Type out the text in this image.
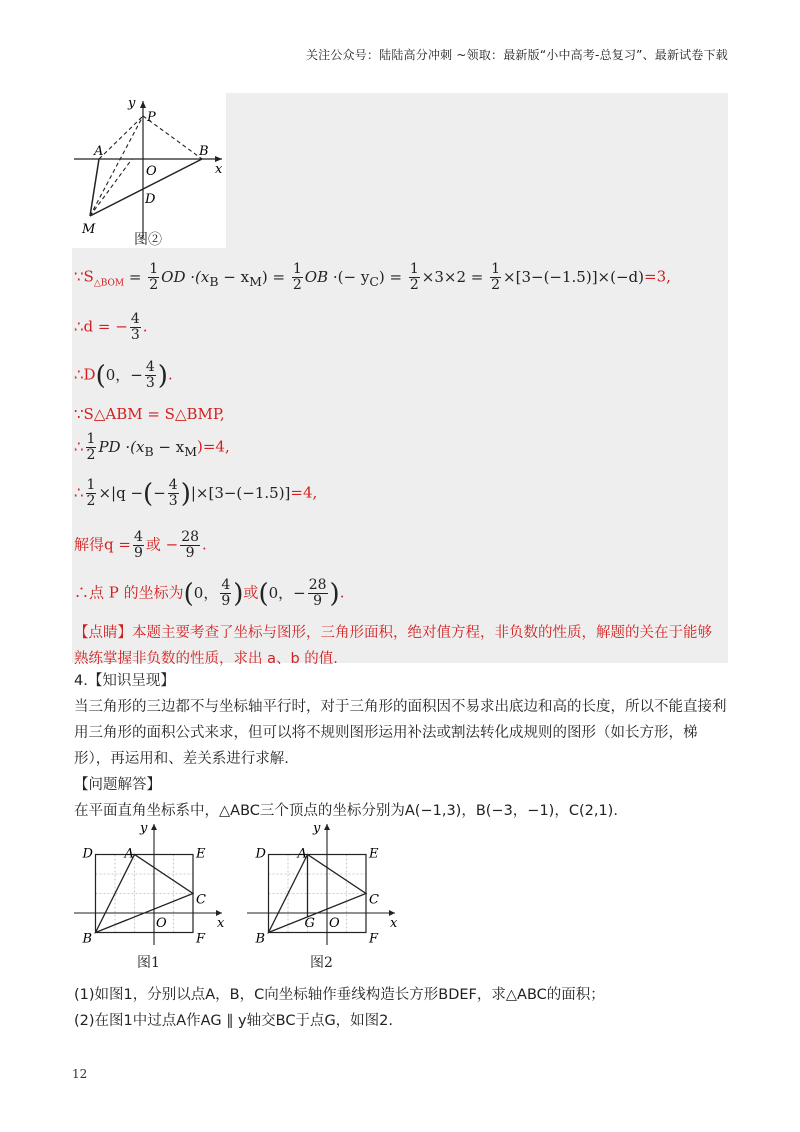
关注公众号：陆陆高分冲刺 ~领取：最新版“小中高考-总复习”、最新试卷下载
y
P
A	B
O	x
D
M
图②
$\because S_{\triangle BOM} = \frac{1}{2}$ OD $\cdot(x_B - x_M) = \frac{1}{2}$ OB ·(− $y_C) = \frac{1}{2} \times 3\times 2 = \frac{1}{2} \times[3-(-1.5)]\times(-d)=3$,
∴d = − $\frac{4}{3}$ .
∴D(0，− $\frac{4}{3}$ ).
∵S△ABM = S△BMP,
∴ $\frac{1}{2}$ PD $\cdot(x_B - x_M)=4$,
∴ $\frac{1}{2} \times|q$ −(− $\frac{4}{3} )|\times[3-(-1.5)]=4$,
解得$q = \frac{4}{9}$ 或 − $\frac{28}{9}$ .
∴点 P 的坐标为(0， $\frac{4}{9}$ )或(0，− $\frac{28}{9}$ ).
【点睛】本题主要考查了坐标与图形，三角形面积，绝对值方程，非负数的性质，解题的关在于能够熟练掌握非负数的性质，求出 a、b 的值.
4.【知识呈现】
当三角形的三边都不与坐标轴平行时，对于三角形的面积因不易求出底边和高的长度，所以不能直接利用三角形的面积公式来求，但可以将不规则图形运用补法或割法转化成规则的图形（如长方形，梯形），再运用和、差关系进行求解.
【问题解答】
在平面直角坐标系中，△ABC三个顶点的坐标分别为A(−1,3)，B(−3，−1)，C(2,1).
D A	E
y
C
O	x
B	F
D A	E
y
C
O	x
B	F
G
图1	图2
(1)如图1，分别以点A，B，C向坐标轴作垂线构造长方形BDEF，求△ABC的面积；
(2)在图1中过点A作AG ∥ y轴交BC于点G，如图2.
12
